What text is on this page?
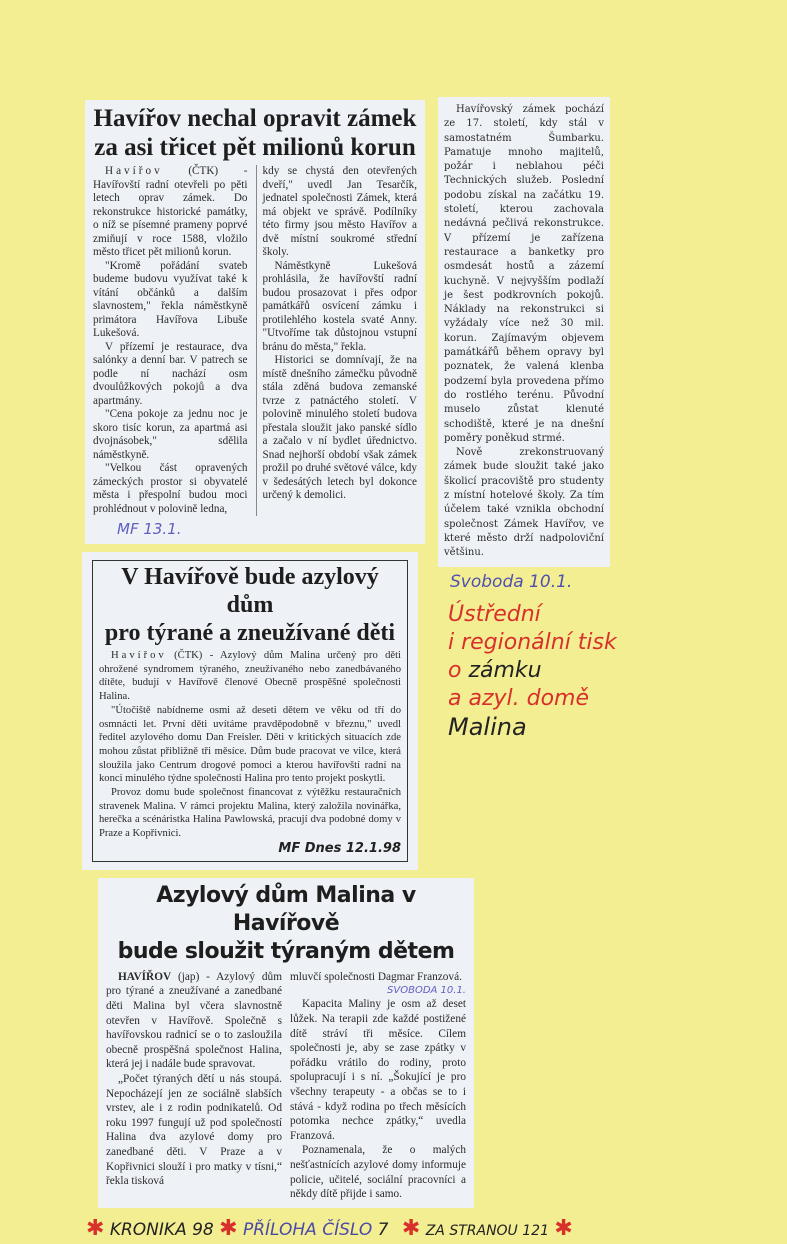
Havířov nechal opravit zámek
za asi třicet pět milionů korun

Havířov (ČTK) - Havířovští radní otevřeli po pěti letech oprav zámek. Do rekonstrukce historické památky, o níž se písemné prameny poprvé zmiňují v roce 1588, vložilo město třicet pět milionů korun.

"Kromě pořádání svateb budeme budovu využívat také k vítání občánků a dalším slavnostem," řekla náměstkyně primátora Havířova Libuše Lukešová.

V přízemí je restaurace, dva salónky a denní bar. V patrech se podle ní nachází osm dvoulůžkových pokojů a dva apartmány.

"Cena pokoje za jednu noc je skoro tisíc korun, za apartmá asi dvojnásobek," sdělila náměstkyně.

"Velkou část opravených zámeckých prostor si obyvatelé města i přespolní budou moci prohlédnout v polovině ledna,

kdy se chystá den otevřených dveří," uvedl Jan Tesarčík, jednatel společnosti Zámek, která má objekt ve správě. Podílníky této firmy jsou město Havířov a dvě místní soukromé střední školy.

Náměstkyně Lukešová prohlásila, že havířovští radní budou prosazovat i přes odpor památkářů osvícení zámku i protilehlého kostela svaté Anny. "Utvoříme tak důstojnou vstupní bránu do města," řekla.

Historici se domnívají, že na místě dnešního zámečku původně stála zděná budova zemanské tvrze z patnáctého století. V polovině minulého století budova přestala sloužit jako panské sídlo a začalo v ní bydlet úřednictvo. Snad nejhorší období však zámek prožil po druhé světové válce, kdy v šedesátých letech byl dokonce určený k demolici.

MF 13.1.
V Havířově bude azylový dům
pro týrané a zneužívané děti

Havířov (ČTK) - Azylový dům Malina určený pro děti ohrožené syndromem týraného, zneužívaného nebo zanedbávaného dítěte, budují v Havířově členové Obecně prospěšné společnosti Halina.

"Útočiště nabídneme osmi až deseti dětem ve věku od tří do osmnácti let. První děti uvítáme pravděpodobně v březnu," uvedl ředitel azylového domu Dan Freisler. Děti v kritických situacích zde mohou zůstat přibližně tři měsíce. Dům bude pracovat ve vilce, která sloužila jako Centrum drogové pomoci a kterou havířovští radní na konci minulého týdne společnosti Halina pro tento projekt poskytli.

Provoz domu bude společnost financovat z výtěžku restauračních stravenek Malina. V rámci projektu Malina, který založila novinářka, herečka a scénáristka Halina Pawlowská, pracují dva podobné domy v Praze a Kopřivnici.

MF Dnes 12.1.98
Azylový dům Malina v Havířově
bude sloužit týraným dětem

HAVÍŘOV (jap) - Azylový dům pro týrané a zneužívané a zanedbané děti Malina byl včera slavnostně otevřen v Havířově. Společně s havířovskou radnicí se o to zasloužila obecně prospěšná společnost Halina, která jej i nadále bude spravovat.

„Počet týraných dětí u nás stoupá. Nepocházejí jen ze sociálně slabších vrstev, ale i z rodin podnikatelů. Od roku 1997 fungují už pod společností Halina dva azylové domy pro zanedbané děti. V Praze a v Kopřivnici slouží i pro matky v tísni,“ řekla tisková

mluvčí společnosti Dagmar Franzová.

SVOBODA 10.1.

Kapacita Maliny je osm až deset lůžek. Na terapii zde každé postižené dítě stráví tři měsíce. Cílem společnosti je, aby se zase zpátky v pořádku vrátilo do rodiny, proto spolupracují i s ní. „Šokující je pro všechny terapeuty - a občas se to i stává - když rodina po třech měsících potomka nechce zpátky,“ uvedla Franzová.

Poznamenala, že o malých nešťastnících azylové domy informuje policie, učitelé, sociální pracovníci a někdy dítě přijde i samo.

✱ KRONIKA 98 ✱ PŘÍLOHA ČÍSLO 7 ✱ ZA STRANOU 121 ✱

Havířovský zámek pochází ze 17. století, kdy stál v samostatném Šumbarku. Pamatuje mnoho majitelů, požár i neblahou péči Technických služeb. Poslední podobu získal na začátku 19. století, kterou zachovala nedávná pečlivá rekonstrukce. V přízemí je zařízena restaurace a banketky pro osmdesát hostů a zázemí kuchyně. V nejvyšším podlaží je šest podkrovních pokojů. Náklady na rekonstrukci si vyžádaly více než 30 mil. korun. Zajímavým objevem památkářů během opravy byl poznatek, že valená klenba podzemí byla provedena přímo do rostlého terénu. Původní muselo zůstat klenuté schodiště, které je na dnešní poměry poněkud strmé.

Nově zrekonstruovaný zámek bude sloužit také jako školicí pracoviště pro studenty z místní hotelové školy. Za tím účelem také vznikla obchodní společnost Zámek Havířov, ve které město drží nadpoloviční většinu.

Svoboda 10.1.
Ústřední
i regionální tisk
o zámku
a azyl. domě
Malina
